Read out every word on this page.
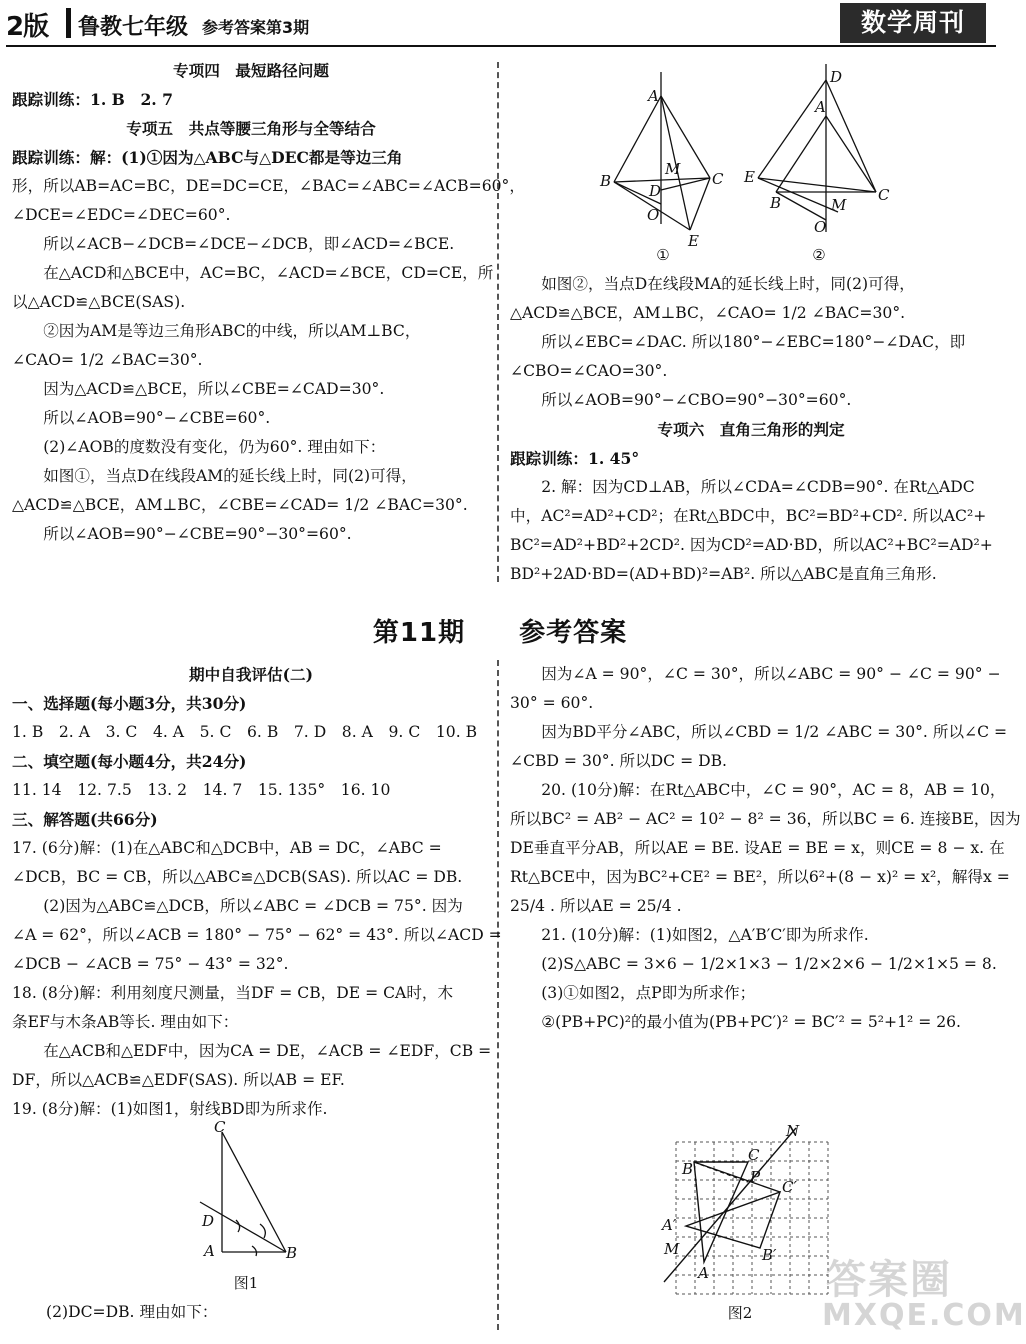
2版 鲁教七年级 参考答案第3期	数学周刊

专项四　最短路径问题

跟踪训练：1. B　2. 7

专项五　共点等腰三角形与全等结合

跟踪训练：解：(1)①因为△ABC与△DEC都是等边三角

形，所以AB=AC=BC，DE=DC=CE，∠BAC=∠ABC=∠ACB=60°，

∠DCE=∠EDC=∠DEC=60°.

所以∠ACB−∠DCB=∠DCE−∠DCB，即∠ACD=∠BCE.

在△ACD和△BCE中，AC=BC，∠ACD=∠BCE，CD=CE，所

以△ACD≌△BCE(SAS).

②因为AM是等边三角形ABC的中线，所以AM⊥BC，

∠CAO= 1/2 ∠BAC=30°.

因为△ACD≌△BCE，所以∠CBE=∠CAD=30°.

所以∠AOB=90°−∠CBE=60°.

(2)∠AOB的度数没有变化，仍为60°. 理由如下：

如图①，当点D在线段AM的延长线上时，同(2)可得，

△ACD≌△BCE，AM⊥BC，∠CBE=∠CAD= 1/2 ∠BAC=30°.

所以∠AOB=90°−∠CBE=90°−30°=60°.

A
B	C
M
D
O
E
①
D
A
E
B	C
M
O
②

如图②，当点D在线段MA的延长线上时，同(2)可得，

△ACD≌△BCE，AM⊥BC，∠CAO= 1/2 ∠BAC=30°.

所以∠EBC=∠DAC. 所以180°−∠EBC=180°−∠DAC，即

∠CBO=∠CAO=30°.

所以∠AOB=90°−∠CBO=90°−30°=60°.

专项六　直角三角形的判定

跟踪训练：1. 45°

2. 解：因为CD⊥AB，所以∠CDA=∠CDB=90°. 在Rt△ADC

中，AC²=AD²+CD²；在Rt△BDC中，BC²=BD²+CD². 所以AC²+

BC²=AD²+BD²+2CD². 因为CD²=AD·BD，所以AC²+BC²=AD²+

BD²+2AD·BD=(AD+BD)²=AB². 所以△ABC是直角三角形.

第11期　　参考答案

期中自我评估(二)

一、选择题(每小题3分，共30分)

1. B　2. A　3. C　4. A　5. C　6. B　7. D　8. A　9. C　10. B

二、填空题(每小题4分，共24分)

11. 14　12. 7.5　13. 2　14. 7　15. 135°　16. 10

三、解答题(共66分)

17. (6分)解：(1)在△ABC和△DCB中，AB = DC，∠ABC =

∠DCB，BC = CB，所以△ABC≌△DCB(SAS). 所以AC = DB.

(2)因为△ABC≌△DCB，所以∠ABC = ∠DCB = 75°. 因为

∠A = 62°，所以∠ACB = 180° − 75° − 62° = 43°. 所以∠ACD =

∠DCB − ∠ACB = 75° − 43° = 32°.

18. (8分)解：利用刻度尺测量，当DF = CB，DE = CA时，木

条EF与木条AB等长. 理由如下：

在△ACB和△EDF中，因为CA = DE，∠ACB = ∠EDF，CB =

DF，所以△ACB≌△EDF(SAS). 所以AB = EF.

19. (8分)解：(1)如图1，射线BD即为所求作.

C
D
A	B
图1

(2)DC=DB. 理由如下：

因为∠A = 90°，∠C = 30°，所以∠ABC = 90° − ∠C = 90° −

30° = 60°.

因为BD平分∠ABC，所以∠CBD = 1/2 ∠ABC = 30°. 所以∠C =

∠CBD = 30°. 所以DC = DB.

20. (10分)解：在Rt△ABC中，∠C = 90°，AC = 8，AB = 10，

所以BC² = AB² − AC² = 10² − 8² = 36，所以BC = 6. 连接BE，因为

DE垂直平分AB，所以AE = BE. 设AE = BE = x，则CE = 8 − x. 在

Rt△BCE中，因为BC²+CE² = BE²，所以6²+(8 − x)² = x²，解得x =

25/4 . 所以AE = 25/4 .

21. (10分)解：(1)如图2，△A′B′C′即为所求作.

(2)S△ABC = 3×6 − 1/2×1×3 − 1/2×2×6 − 1/2×1×5 = 8.

(3)①如图2，点P即为所求作；

②(PB+PC)²的最小值为(PB+PC′)² = BC′² = 5²+1² = 26.

N
B
C
P
C′
A′
M	B′
A
图2
答案圈
MXQE.COM
